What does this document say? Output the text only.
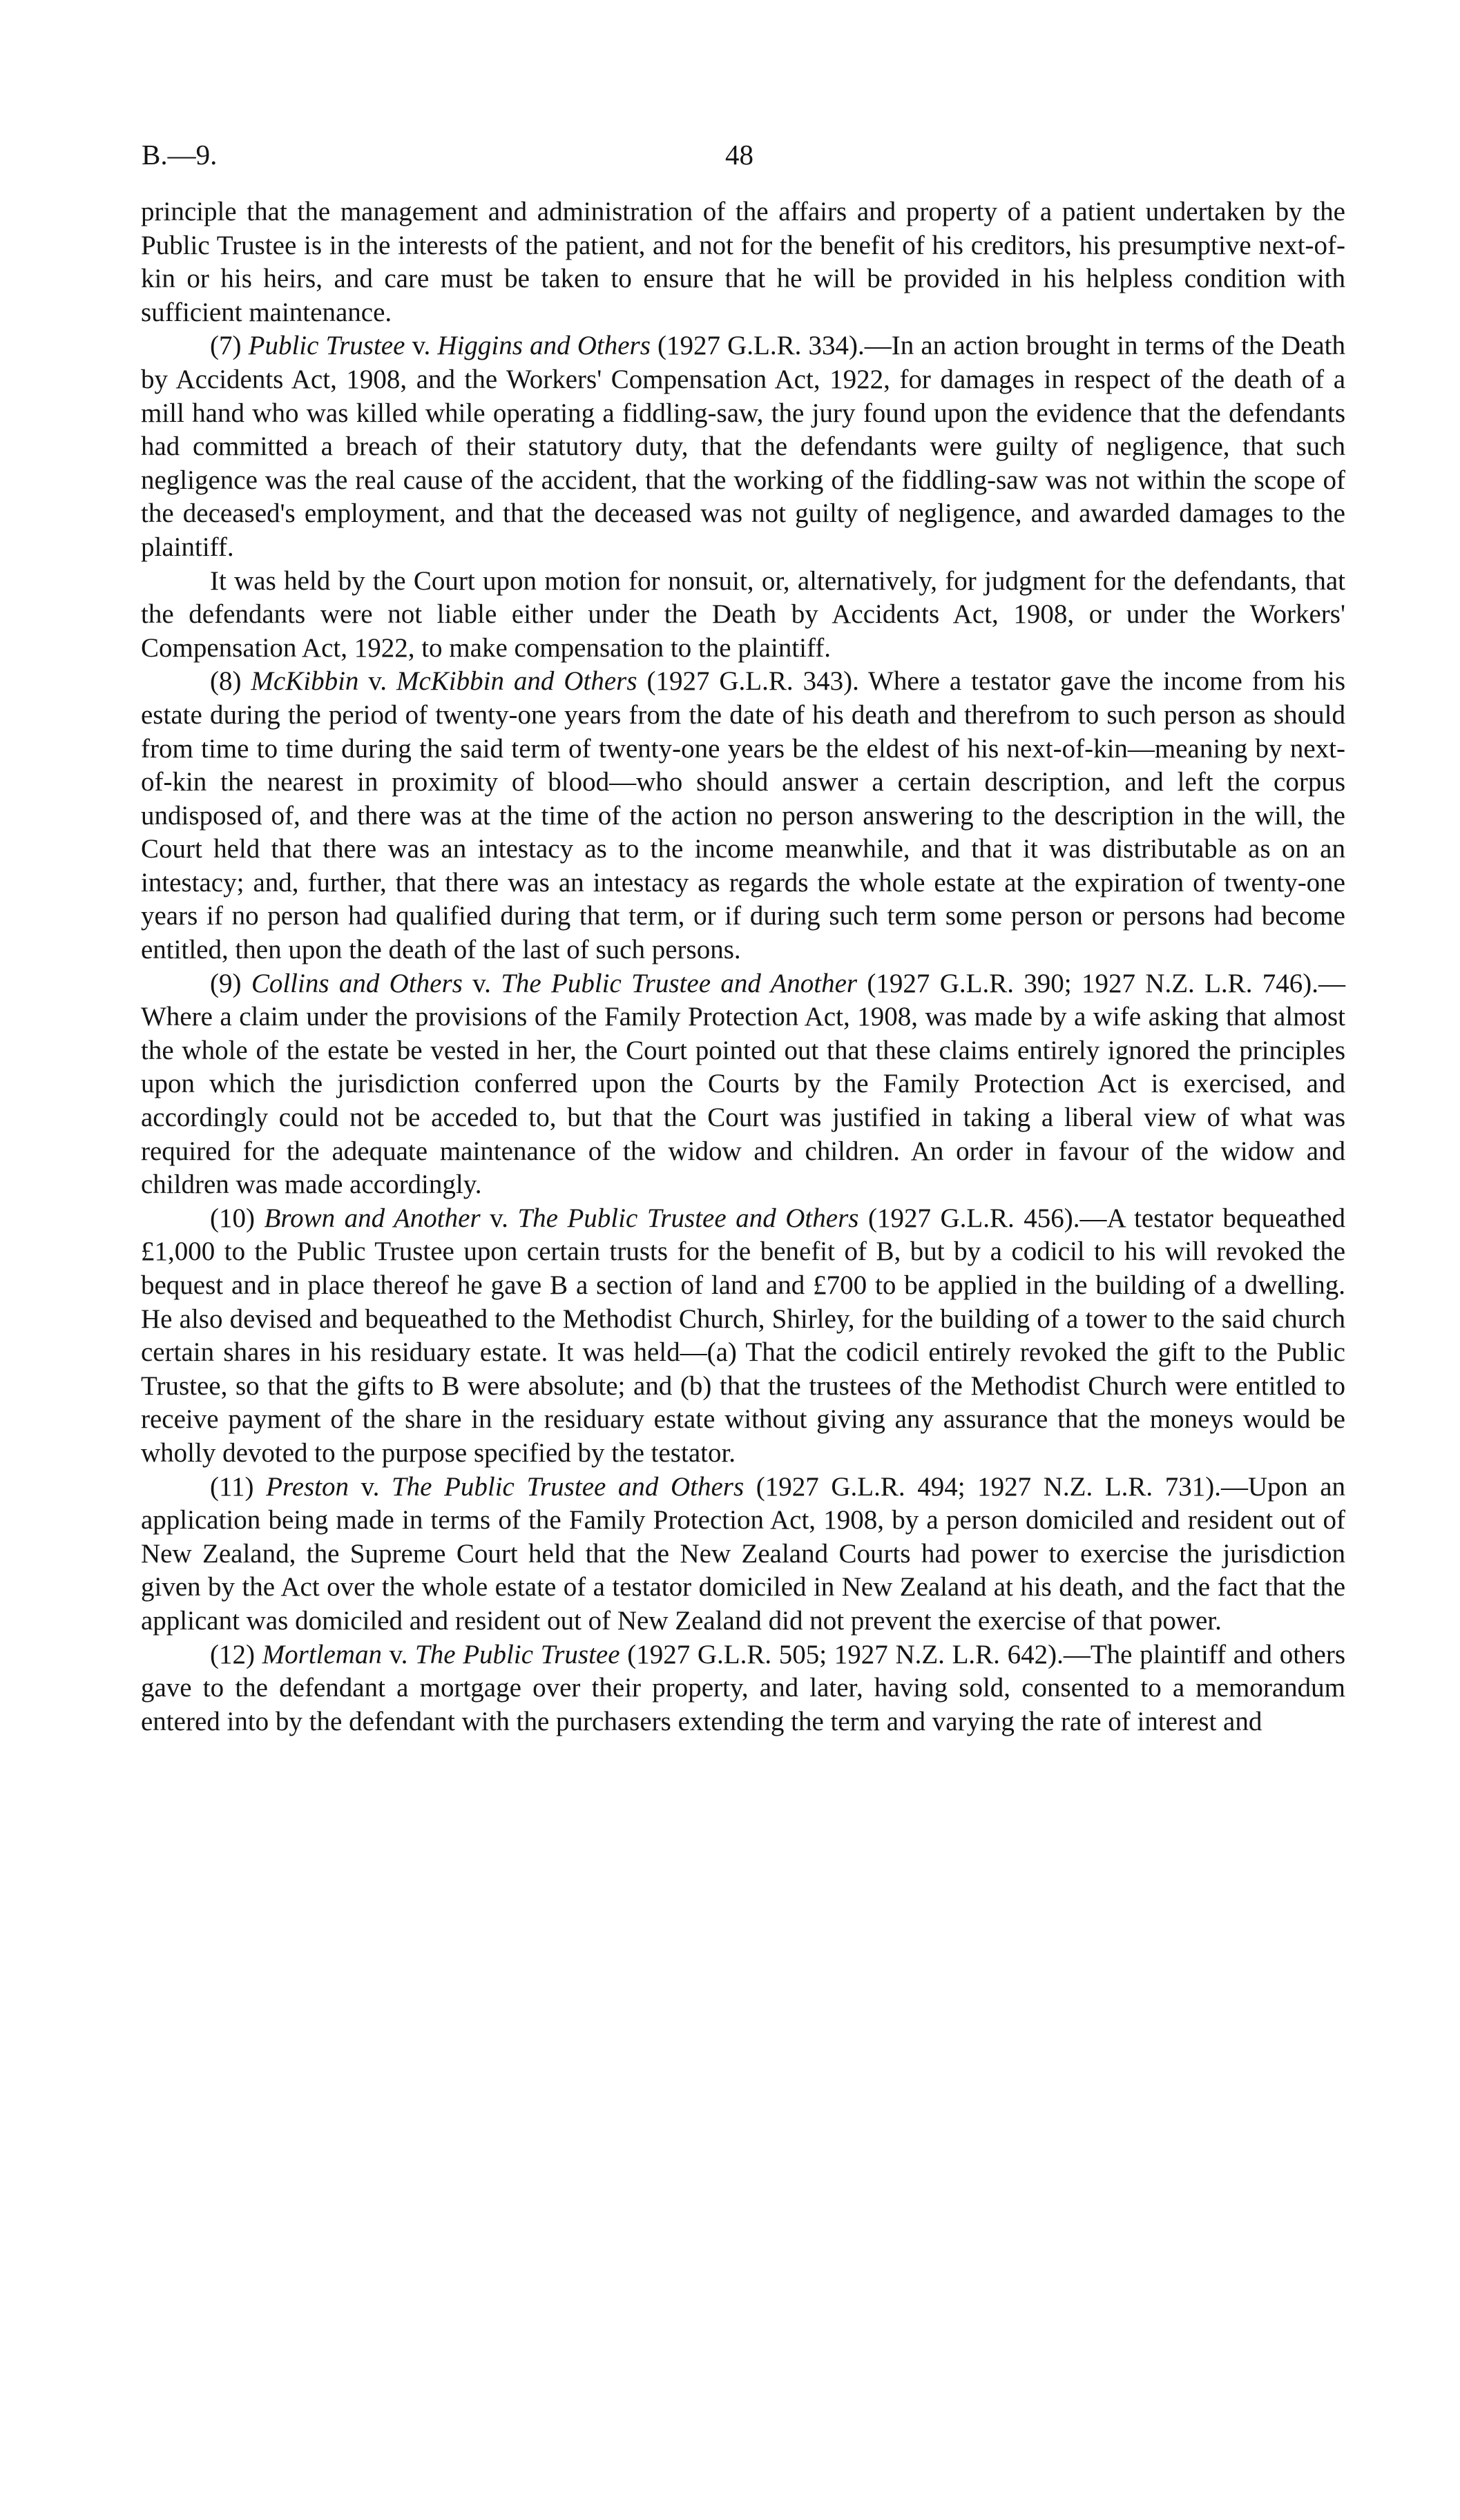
B.—9.	48

principle that the management and administration of the affairs and property of a patient undertaken by the Public Trustee is in the interests of the patient, and not for the benefit of his creditors, his presumptive next-of-kin or his heirs, and care must be taken to ensure that he will be provided in his helpless condition with sufficient maintenance.

(7) Public Trustee v. Higgins and Others (1927 G.L.R. 334).—In an action brought in terms of the Death by Accidents Act, 1908, and the Workers' Compensation Act, 1922, for damages in respect of the death of a mill hand who was killed while operating a fiddling-saw, the jury found upon the evidence that the defendants had committed a breach of their statutory duty, that the defendants were guilty of negligence, that such negligence was the real cause of the accident, that the working of the fiddling-saw was not within the scope of the deceased's employment, and that the deceased was not guilty of negligence, and awarded damages to the plaintiff.

It was held by the Court upon motion for nonsuit, or, alternatively, for judgment for the defendants, that the defendants were not liable either under the Death by Accidents Act, 1908, or under the Workers' Compensation Act, 1922, to make compensation to the plaintiff.

(8) McKibbin v. McKibbin and Others (1927 G.L.R. 343). Where a testator gave the income from his estate during the period of twenty-one years from the date of his death and therefrom to such person as should from time to time during the said term of twenty-one years be the eldest of his next-of-kin—meaning by next-of-kin the nearest in proximity of blood—who should answer a certain description, and left the corpus undisposed of, and there was at the time of the action no person answering to the description in the will, the Court held that there was an intestacy as to the income meanwhile, and that it was distributable as on an intestacy; and, further, that there was an intestacy as regards the whole estate at the expiration of twenty-one years if no person had qualified during that term, or if during such term some person or persons had become entitled, then upon the death of the last of such persons.

(9) Collins and Others v. The Public Trustee and Another (1927 G.L.R. 390; 1927 N.Z. L.R. 746).—Where a claim under the provisions of the Family Protection Act, 1908, was made by a wife asking that almost the whole of the estate be vested in her, the Court pointed out that these claims entirely ignored the principles upon which the jurisdiction conferred upon the Courts by the Family Protection Act is exercised, and accordingly could not be acceded to, but that the Court was justified in taking a liberal view of what was required for the adequate maintenance of the widow and children. An order in favour of the widow and children was made accordingly.

(10) Brown and Another v. The Public Trustee and Others (1927 G.L.R. 456).—A testator bequeathed £1,000 to the Public Trustee upon certain trusts for the benefit of B, but by a codicil to his will revoked the bequest and in place thereof he gave B a section of land and £700 to be applied in the building of a dwelling. He also devised and bequeathed to the Methodist Church, Shirley, for the building of a tower to the said church certain shares in his residuary estate. It was held—(a) That the codicil entirely revoked the gift to the Public Trustee, so that the gifts to B were absolute; and (b) that the trustees of the Methodist Church were entitled to receive payment of the share in the residuary estate without giving any assurance that the moneys would be wholly devoted to the purpose specified by the testator.

(11) Preston v. The Public Trustee and Others (1927 G.L.R. 494; 1927 N.Z. L.R. 731).—Upon an application being made in terms of the Family Protection Act, 1908, by a person domiciled and resident out of New Zealand, the Supreme Court held that the New Zealand Courts had power to exercise the jurisdiction given by the Act over the whole estate of a testator domiciled in New Zealand at his death, and the fact that the applicant was domiciled and resident out of New Zealand did not prevent the exercise of that power.

(12) Mortleman v. The Public Trustee (1927 G.L.R. 505; 1927 N.Z. L.R. 642).—The plaintiff and others gave to the defendant a mortgage over their property, and later, having sold, consented to a memorandum entered into by the defendant with the purchasers extending the term and varying the rate of interest and
